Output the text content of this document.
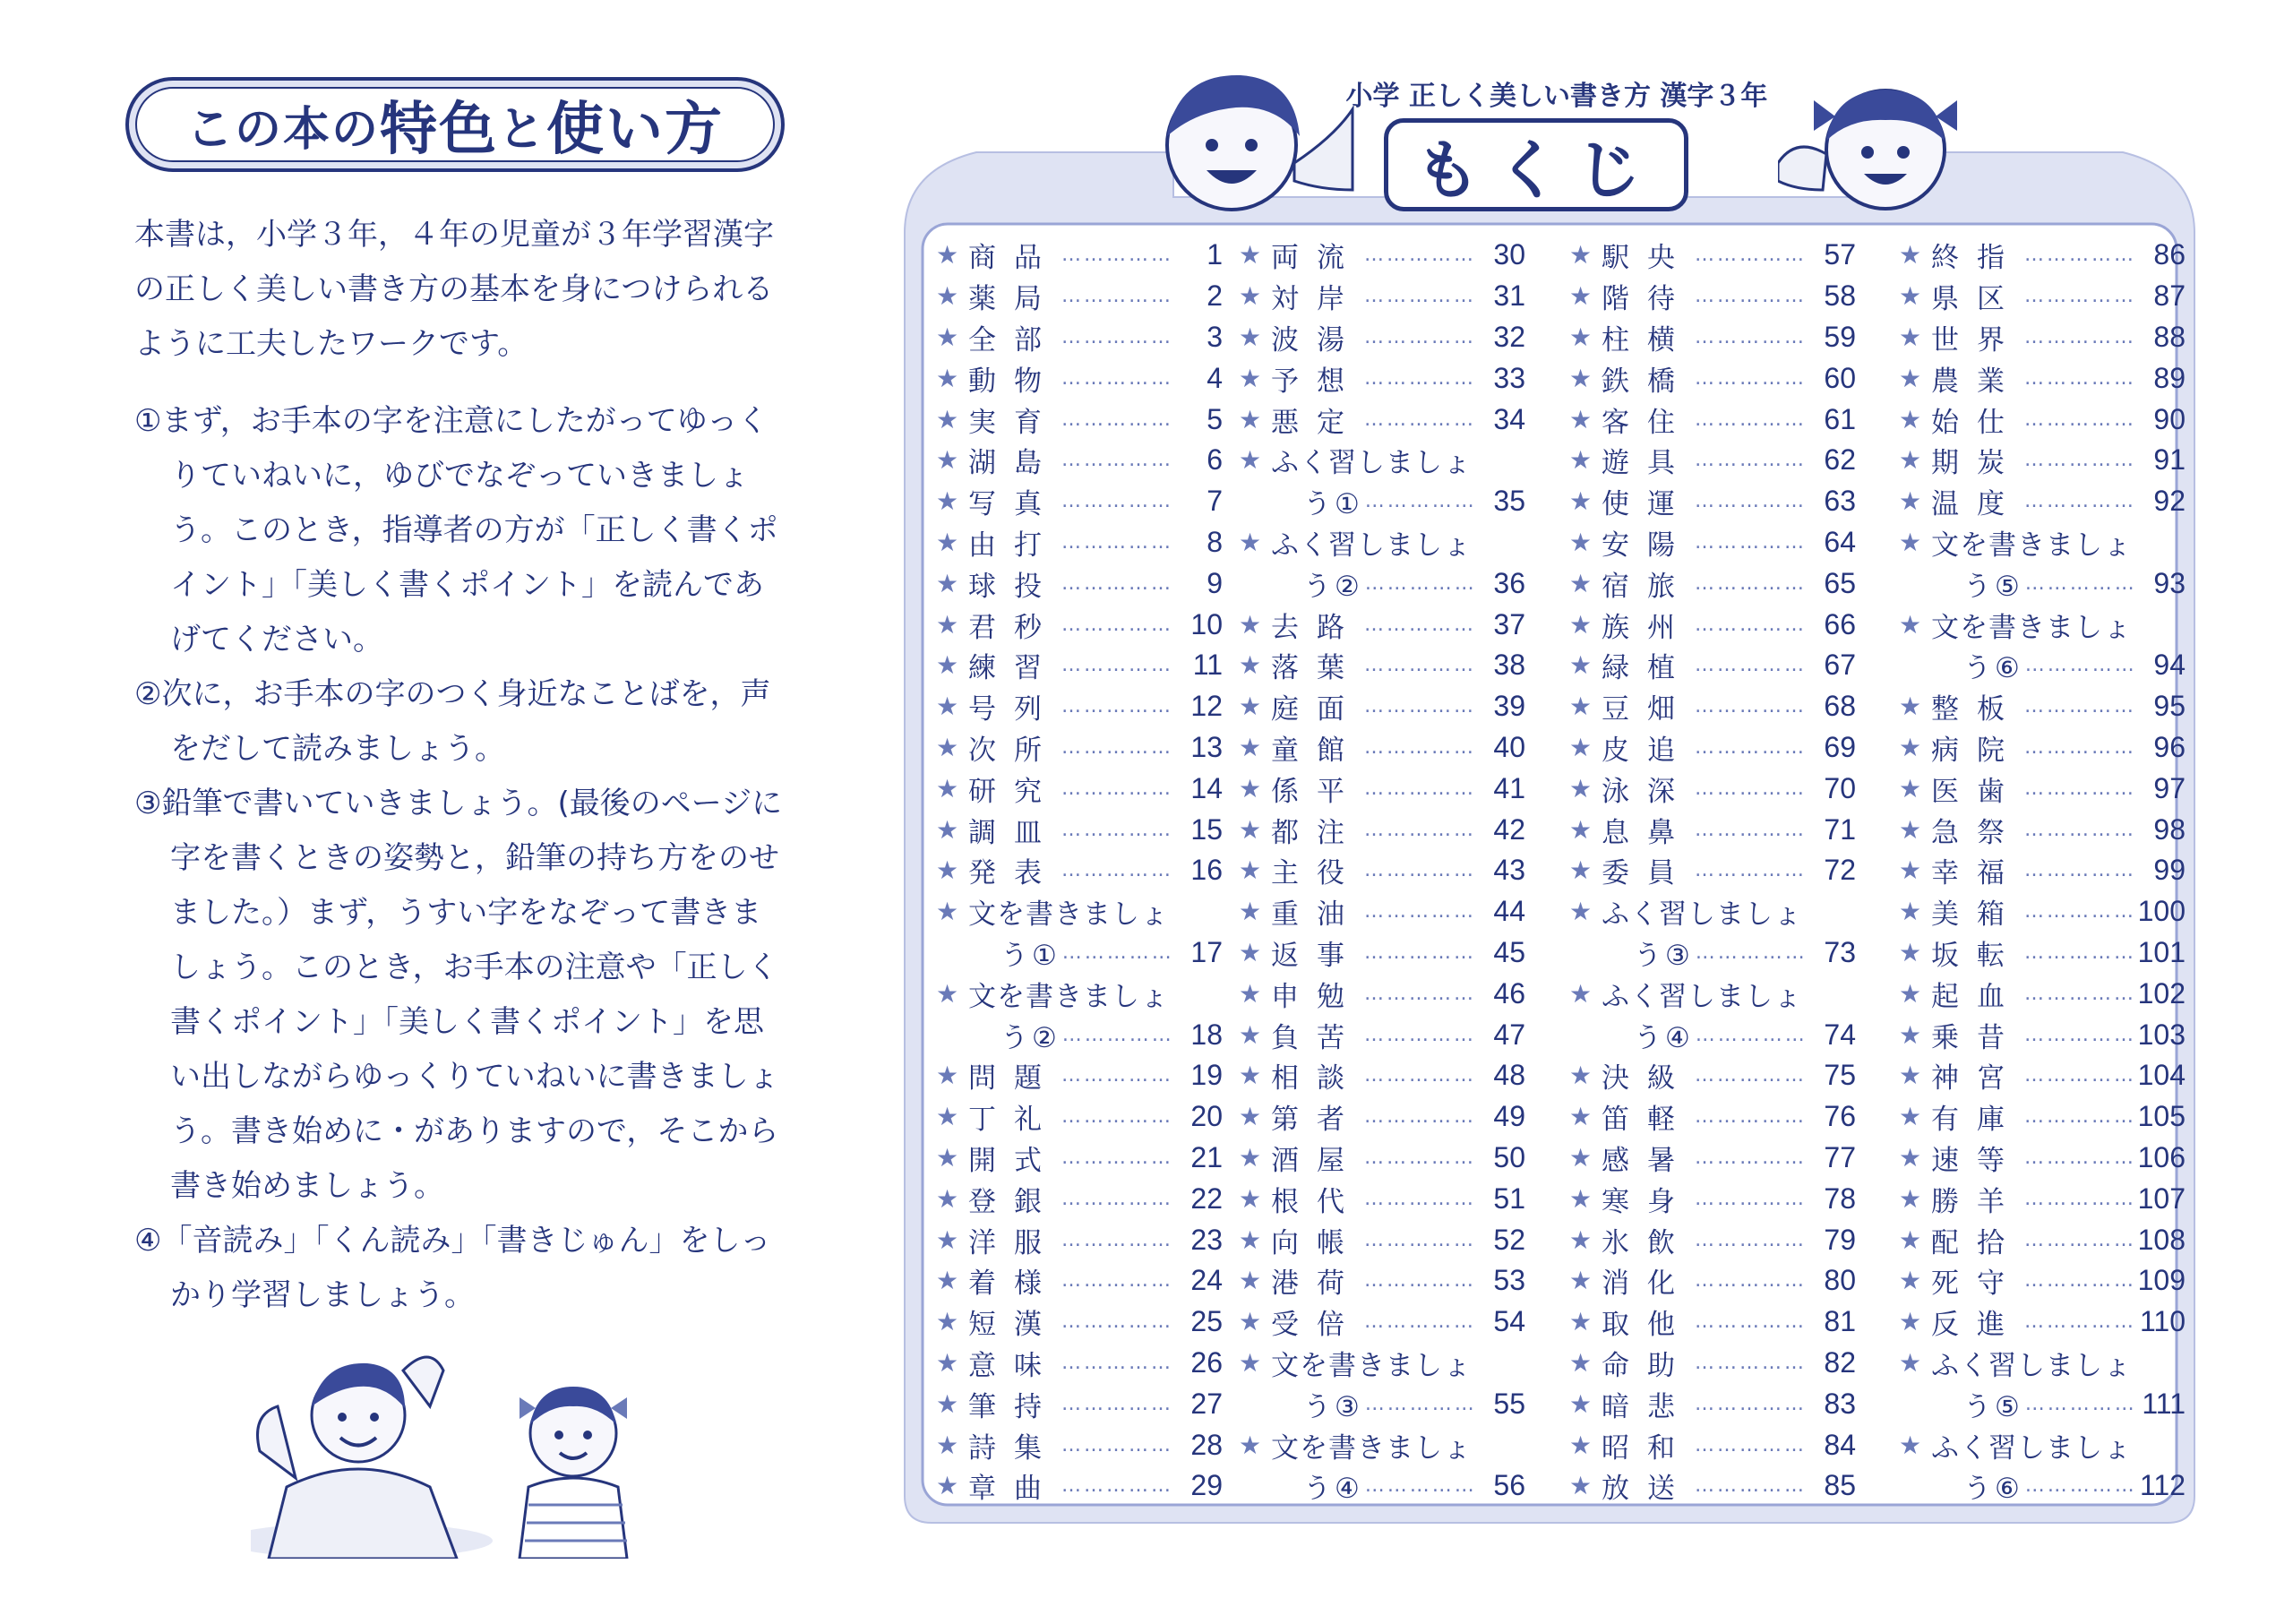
この本の 特色 と 使い方
本書は，小学３年，４年の児童が３年学習漢字の正しく美しい書き方の基本を身につけられるように工夫したワークです。
①まず，お手本の字を注意にしたがってゆっくりていねいに，ゆびでなぞっていきましょう。このとき，指導者の方が「正しく書くポイント」「美しく書くポイント」を読んであげてください。
②次に，お手本の字のつく身近なことばを，声をだして読みましょう。
③鉛筆で書いていきましょう。(最後のページに字を書くときの姿勢と，鉛筆の持ち方をのせました。）まず，うすい字をなぞって書きましょう。このとき，お手本の注意や「正しく書くポイント」「美しく書くポイント」を思い出しながらゆっくりていねいに書きましょう。書き始めに・がありますので，そこから書き始めましょう。
④「音読み」「くん読み」「書きじゅん」をしっかり学習しましょう。
小学 正しく美しい書き方 漢字３年
もくじ
★ 商品 ……………	1
★ 薬局 ……………	2
★ 全部 ……………	3
★ 動物 ……………	4
★ 実育 ……………	5
★ 湖島 ……………	6
★ 写真 ……………	7
★ 由打 ……………	8
★ 球投 ……………	9
★ 君秒 …………… 10
★ 練習 …………… 11
★ 号列 …………… 12
★ 次所 …………… 13
★ 研究 …………… 14
★ 調皿 …………… 15
★ 発表 …………… 16
★ 文を書きましょ
う① …………… 17
★ 文を書きましょ
う② …………… 18
★ 問題 …………… 19
★ 丁礼 …………… 20
★ 開式 …………… 21
★ 登銀 …………… 22
★ 洋服 …………… 23
★ 着様 …………… 24
★ 短漢 …………… 25
★ 意味 …………… 26
★ 筆持 …………… 27
★ 詩集 …………… 28
★ 章曲 …………… 29
★ 両流 …………… 30
★ 対岸 …………… 31
★ 波湯 …………… 32
★ 予想 …………… 33
★ 悪定 …………… 34
★ ふく習しましょ
う① …………… 35
★ ふく習しましょ
う② …………… 36
★ 去路 …………… 37
★ 落葉 …………… 38
★ 庭面 …………… 39
★ 童館 …………… 40
★ 係平 …………… 41
★ 都注 …………… 42
★ 主役 …………… 43
★ 重油 …………… 44
★ 返事 …………… 45
★ 申勉 …………… 46
★ 負苦 …………… 47
★ 相談 …………… 48
★ 第者 …………… 49
★ 酒屋 …………… 50
★ 根代 …………… 51
★ 向帳 …………… 52
★ 港荷 …………… 53
★ 受倍 …………… 54
★ 文を書きましょ
う③ …………… 55
★ 文を書きましょ
う④ …………… 56
★ 駅央 …………… 57
★ 階待 …………… 58
★ 柱横 …………… 59
★ 鉄橋 …………… 60
★ 客住 …………… 61
★ 遊具 …………… 62
★ 使運 …………… 63
★ 安陽 …………… 64
★ 宿旅 …………… 65
★ 族州 …………… 66
★ 緑植 …………… 67
★ 豆畑 …………… 68
★ 皮追 …………… 69
★ 泳深 …………… 70
★ 息鼻 …………… 71
★ 委員 …………… 72
★ ふく習しましょ
う③ …………… 73
★ ふく習しましょ
う④ …………… 74
★ 決級 …………… 75
★ 笛軽 …………… 76
★ 感暑 …………… 77
★ 寒身 …………… 78
★ 氷飲 …………… 79
★ 消化 …………… 80
★ 取他 …………… 81
★ 命助 …………… 82
★ 暗悲 …………… 83
★ 昭和 …………… 84
★ 放送 …………… 85
★ 終指 …………… 86
★ 県区 …………… 87
★ 世界 …………… 88
★ 農業 …………… 89
★ 始仕 …………… 90
★ 期炭 …………… 91
★ 温度 …………… 92
★ 文を書きましょ
う⑤ …………… 93
★ 文を書きましょ
う⑥ …………… 94
★ 整板 …………… 95
★ 病院 …………… 96
★ 医歯 …………… 97
★ 急祭 …………… 98
★ 幸福 …………… 99
★ 美箱 …………… 100
★ 坂転 …………… 101
★ 起血 …………… 102
★ 乗昔 …………… 103
★ 神宮 …………… 104
★ 有庫 …………… 105
★ 速等 …………… 106
★ 勝羊 …………… 107
★ 配拾 …………… 108
★ 死守 …………… 109
★ 反進 …………… 110
★ ふく習しましょ
う⑤ …………… 111
★ ふく習しましょ
う⑥ …………… 112
